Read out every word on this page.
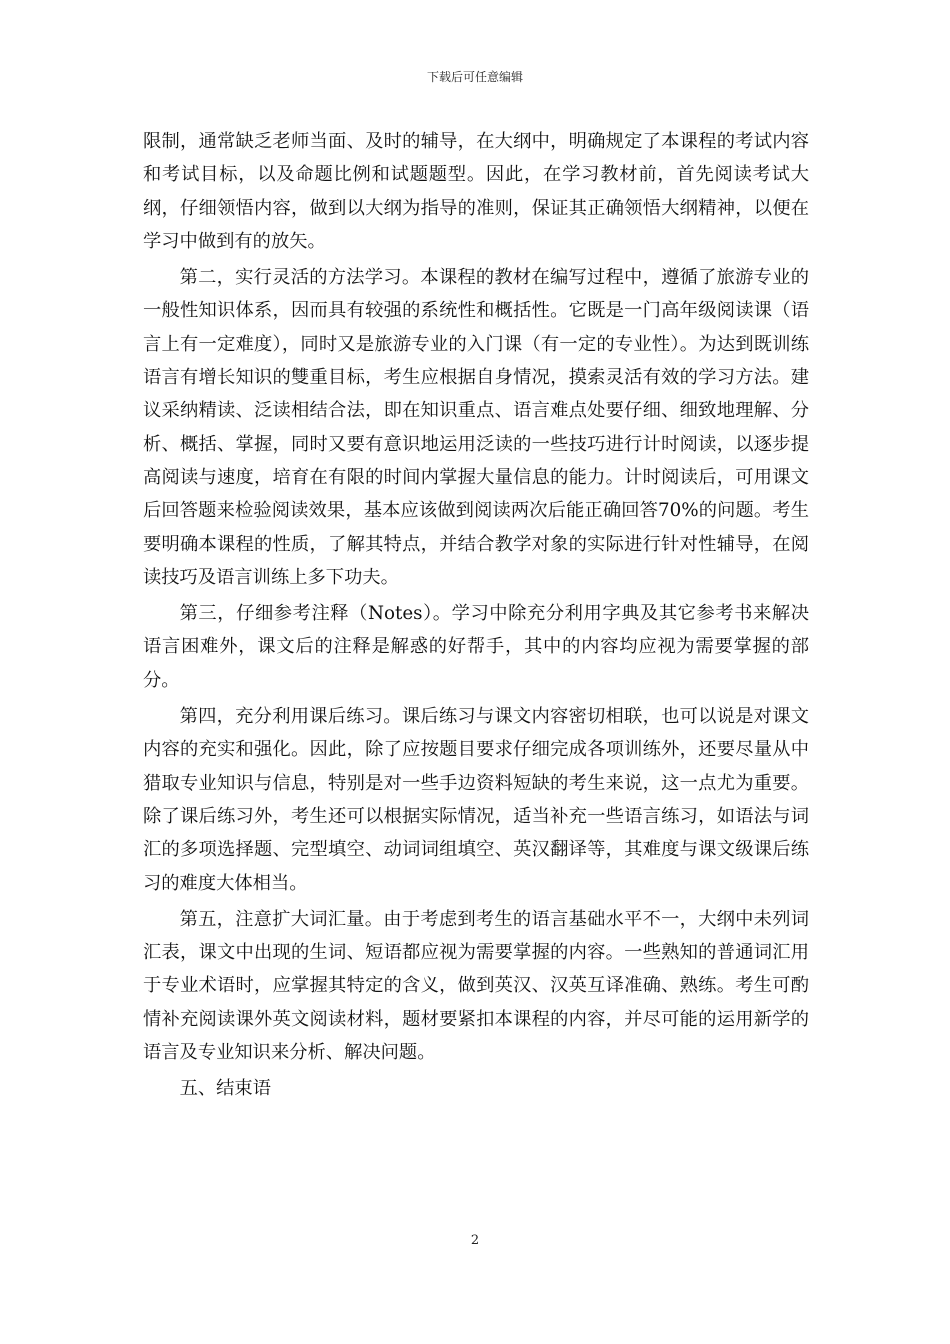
下载后可任意编辑

限制，通常缺乏老师当面、及时的辅导，在大纲中，明确规定了本课程的考试内容和考试目标，以及命题比例和试题题型。因此，在学习教材前，首先阅读考试大纲，仔细领悟内容，做到以大纲为指导的准则，保证其正确领悟大纲精神，以便在学习中做到有的放矢。

第二，实行灵活的方法学习。本课程的教材在编写过程中，遵循了旅游专业的一般性知识体系，因而具有较强的系统性和概括性。它既是一门高年级阅读课（语言上有一定难度），同时又是旅游专业的入门课（有一定的专业性）。为达到既训练语言有增长知识的雙重目标，考生应根据自身情况，摸索灵活有效的学习方法。建议采纳精读、泛读相结合法，即在知识重点、语言难点处要仔细、细致地理解、分析、概括、掌握，同时又要有意识地运用泛读的一些技巧进行计时阅读，以逐步提高阅读与速度，培育在有限的时间内掌握大量信息的能力。计时阅读后，可用课文后回答题来检验阅读效果，基本应该做到阅读两次后能正确回答70%的问题。考生要明确本课程的性质，了解其特点，并结合教学对象的实际进行针对性辅导，在阅读技巧及语言训练上多下功夫。

第三，仔细参考注释（Notes）。学习中除充分利用字典及其它参考书来解决语言困难外，课文后的注释是解惑的好帮手，其中的内容均应视为需要掌握的部分。

第四，充分利用课后练习。课后练习与课文内容密切相联，也可以说是对课文内容的充实和强化。因此，除了应按题目要求仔细完成各项训练外，还要尽量从中猎取专业知识与信息，特别是对一些手边资料短缺的考生来说，这一点尤为重要。除了课后练习外，考生还可以根据实际情况，适当补充一些语言练习，如语法与词汇的多项选择题、完型填空、动词词组填空、英汉翻译等，其难度与课文级课后练习的难度大体相当。

第五，注意扩大词汇量。由于考虑到考生的语言基础水平不一，大纲中未列词汇表，课文中出现的生词、短语都应视为需要掌握的内容。一些熟知的普通词汇用于专业术语时，应掌握其特定的含义，做到英汉、汉英互译准确、熟练。考生可酌情补充阅读课外英文阅读材料，题材要紧扣本课程的内容，并尽可能的运用新学的语言及专业知识来分析、解决问题。

五、结束语

2
